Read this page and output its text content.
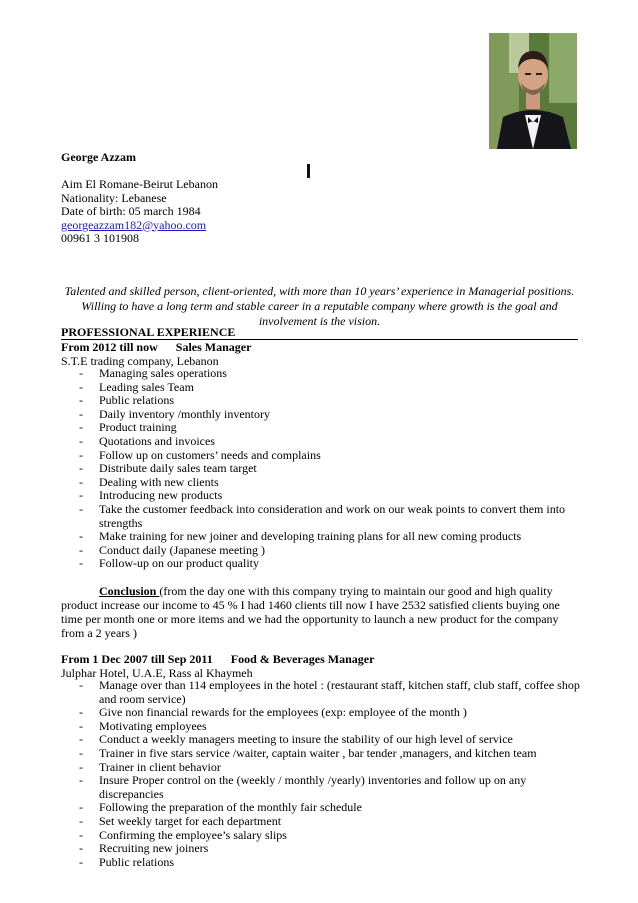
George Azzam
Aim El Romane-Beirut Lebanon
Nationality: Lebanese
Date of birth: 05 march 1984
georgeazzam182@yahoo.com
00961 3 101908
Talented and skilled person, client-oriented, with more than 10 years’ experience in Managerial positions. Willing to have a long term and stable career in a reputable company where growth is the goal and involvement is the vision.
PROFESSIONAL EXPERIENCE
From 2012 till now Sales Manager
S.T.E trading company, Lebanon
- Managing sales operations
- Leading sales Team
- Public relations
- Daily inventory /monthly inventory
- Product training
- Quotations and invoices
- Follow up on customers’ needs and complains
- Distribute daily sales team target
- Dealing with new clients
- Introducing new products
- Take the customer feedback into consideration and work on our weak points to convert them into strengths
- Make training for new joiner and developing training plans for all new coming products
- Conduct daily (Japanese meeting )
- Follow-up on our product quality
Conclusion (from the day one with this company trying to maintain our good and high quality product increase our income to 45 % I had 1460 clients till now I have 2532 satisfied clients buying one time per month one or more items and we had the opportunity to launch a new product for the company from a 2 years )
From 1 Dec 2007 till Sep 2011 Food & Beverages Manager
Julphar Hotel, U.A.E, Rass al Khaymeh
- Manage over than 114 employees in the hotel : (restaurant staff, kitchen staff, club staff, coffee shop and room service)
- Give non financial rewards for the employees (exp: employee of the month )
- Motivating employees
- Conduct a weekly managers meeting to insure the stability of our high level of service
- Trainer in five stars service /waiter, captain waiter , bar tender ,managers, and kitchen team
- Trainer in client behavior
- Insure Proper control on the (weekly / monthly /yearly) inventories and follow up on any discrepancies
- Following the preparation of the monthly fair schedule
- Set weekly target for each department
- Confirming the employee’s salary slips
- Recruiting new joiners
- Public relations
